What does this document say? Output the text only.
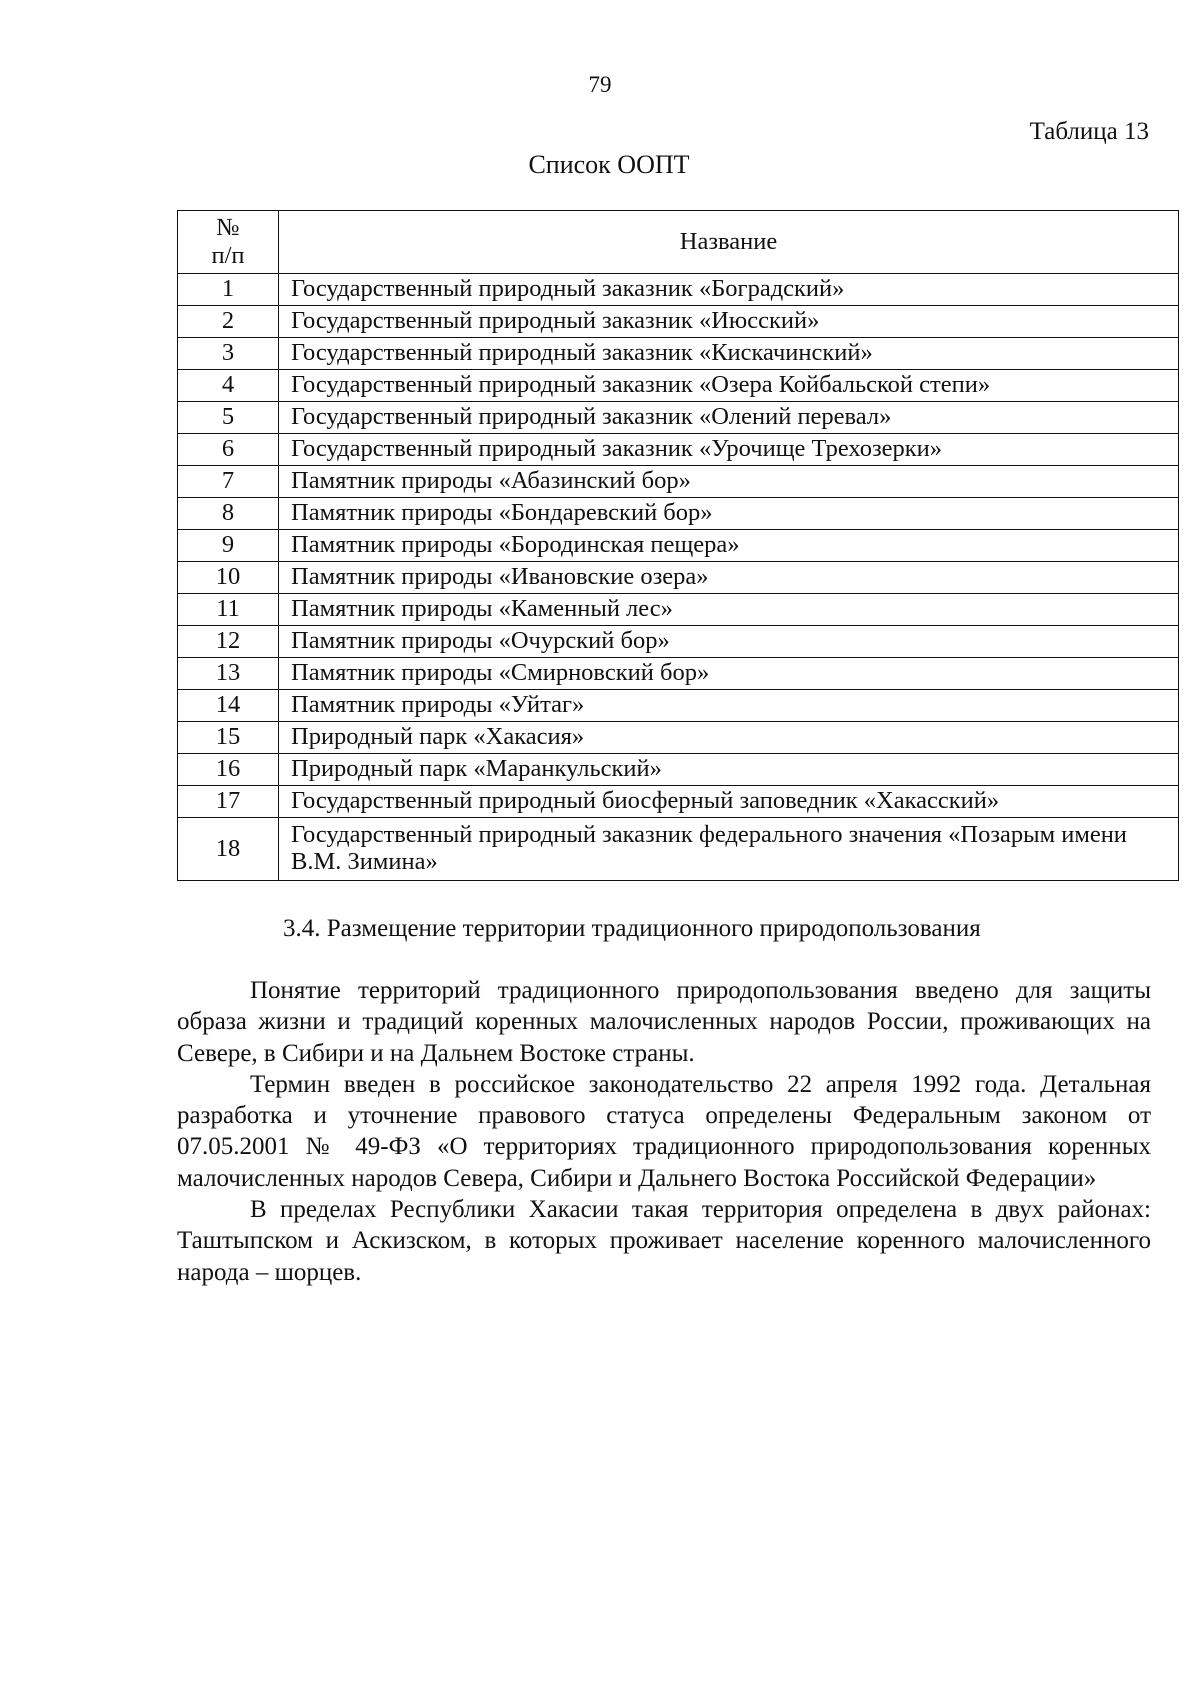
79
Таблица 13
Список ООПТ
№
п/п	Название
1	Государственный природный заказник «Боградский»
2	Государственный природный заказник «Июсский»
3	Государственный природный заказник «Кискачинский»
4	Государственный природный заказник «Озера Койбальской степи»
5	Государственный природный заказник «Олений перевал»
6	Государственный природный заказник «Урочище Трехозерки»
7	Памятник природы «Абазинский бор»
8	Памятник природы «Бондаревский бор»
9	Памятник природы «Бородинская пещера»
10	Памятник природы «Ивановские озера»
11	Памятник природы «Каменный лес»
12	Памятник природы «Очурский бор»
13	Памятник природы «Смирновский бор»
14	Памятник природы «Уйтаг»
15	Природный парк «Хакасия»
16	Природный парк «Маранкульский»
17	Государственный природный биосферный заповедник «Хакасский»
18	Государственный природный заказник федерального значения «Позарым имени В.М. Зимина»
3.4. Размещение территории традиционного природопользования

Понятие территорий традиционного природопользования введено для защиты образа жизни и традиций коренных малочисленных народов России, проживающих на Севере, в Сибири и на Дальнем Востоке страны.

Термин введен в российское законодательство 22 апреля 1992 года. Детальная разработка и уточнение правового статуса определены Федеральным законом от 07.05.2001 № 49-ФЗ «О территориях традиционного природопользования коренных малочисленных народов Севера, Сибири и Дальнего Востока Российской Федерации»

В пределах Республики Хакасии такая территория определена в двух районах: Таштыпском и Аскизском, в которых проживает население коренного малочисленного народа – шорцев.
